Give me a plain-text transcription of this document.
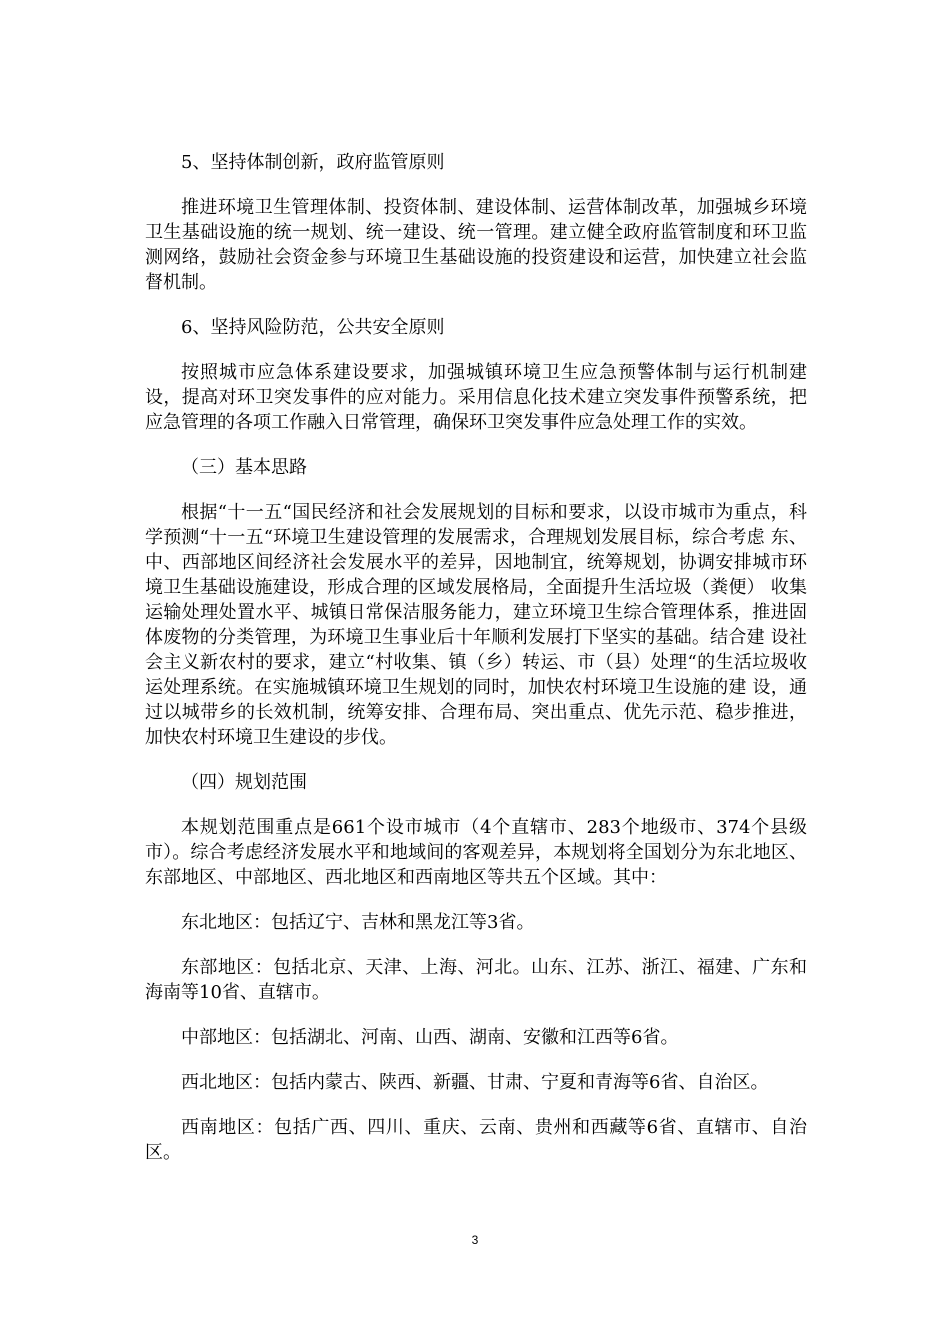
5、坚持体制创新，政府监管原则

推进环境卫生管理体制、投资体制、建设体制、运营体制改革，加强城乡环境卫生基础设施的统一规划、统一建设、统一管理。建立健全政府监管制度和环卫监测网络，鼓励社会资金参与环境卫生基础设施的投资建设和运营，加快建立社会监督机制。

6、坚持风险防范，公共安全原则

按照城市应急体系建设要求，加强城镇环境卫生应急预警体制与运行机制建设，提高对环卫突发事件的应对能力。采用信息化技术建立突发事件预警系统，把应急管理的各项工作融入日常管理，确保环卫突发事件应急处理工作的实效。

（三）基本思路

根据“十一五“国民经济和社会发展规划的目标和要求，以设市城市为重点，科学预测“十一五“环境卫生建设管理的发展需求，合理规划发展目标，综合考虑 东、中、西部地区间经济社会发展水平的差异，因地制宜，统筹规划，协调安排城市环境卫生基础设施建设，形成合理的区域发展格局，全面提升生活垃圾（粪便） 收集运输处理处置水平、城镇日常保洁服务能力，建立环境卫生综合管理体系，推进固体废物的分类管理，为环境卫生事业后十年顺利发展打下坚实的基础。结合建 设社会主义新农村的要求，建立“村收集、镇（乡）转运、市（县）处理“的生活垃圾收运处理系统。在实施城镇环境卫生规划的同时，加快农村环境卫生设施的建 设，通过以城带乡的长效机制，统筹安排、合理布局、突出重点、优先示范、稳步推进，加快农村环境卫生建设的步伐。

（四）规划范围

本规划范围重点是661个设市城市（4个直辖市、283个地级市、374个县级市）。综合考虑经济发展水平和地域间的客观差异，本规划将全国划分为东北地区、东部地区、中部地区、西北地区和西南地区等共五个区域。其中：

东北地区：包括辽宁、吉林和黑龙江等3省。

东部地区：包括北京、天津、上海、河北。山东、江苏、浙江、福建、广东和海南等10省、直辖市。

中部地区：包括湖北、河南、山西、湖南、安徽和江西等6省。

西北地区：包括内蒙古、陕西、新疆、甘肃、宁夏和青海等6省、自治区。

西南地区：包括广西、四川、重庆、云南、贵州和西藏等6省、直辖市、自治区。

3
